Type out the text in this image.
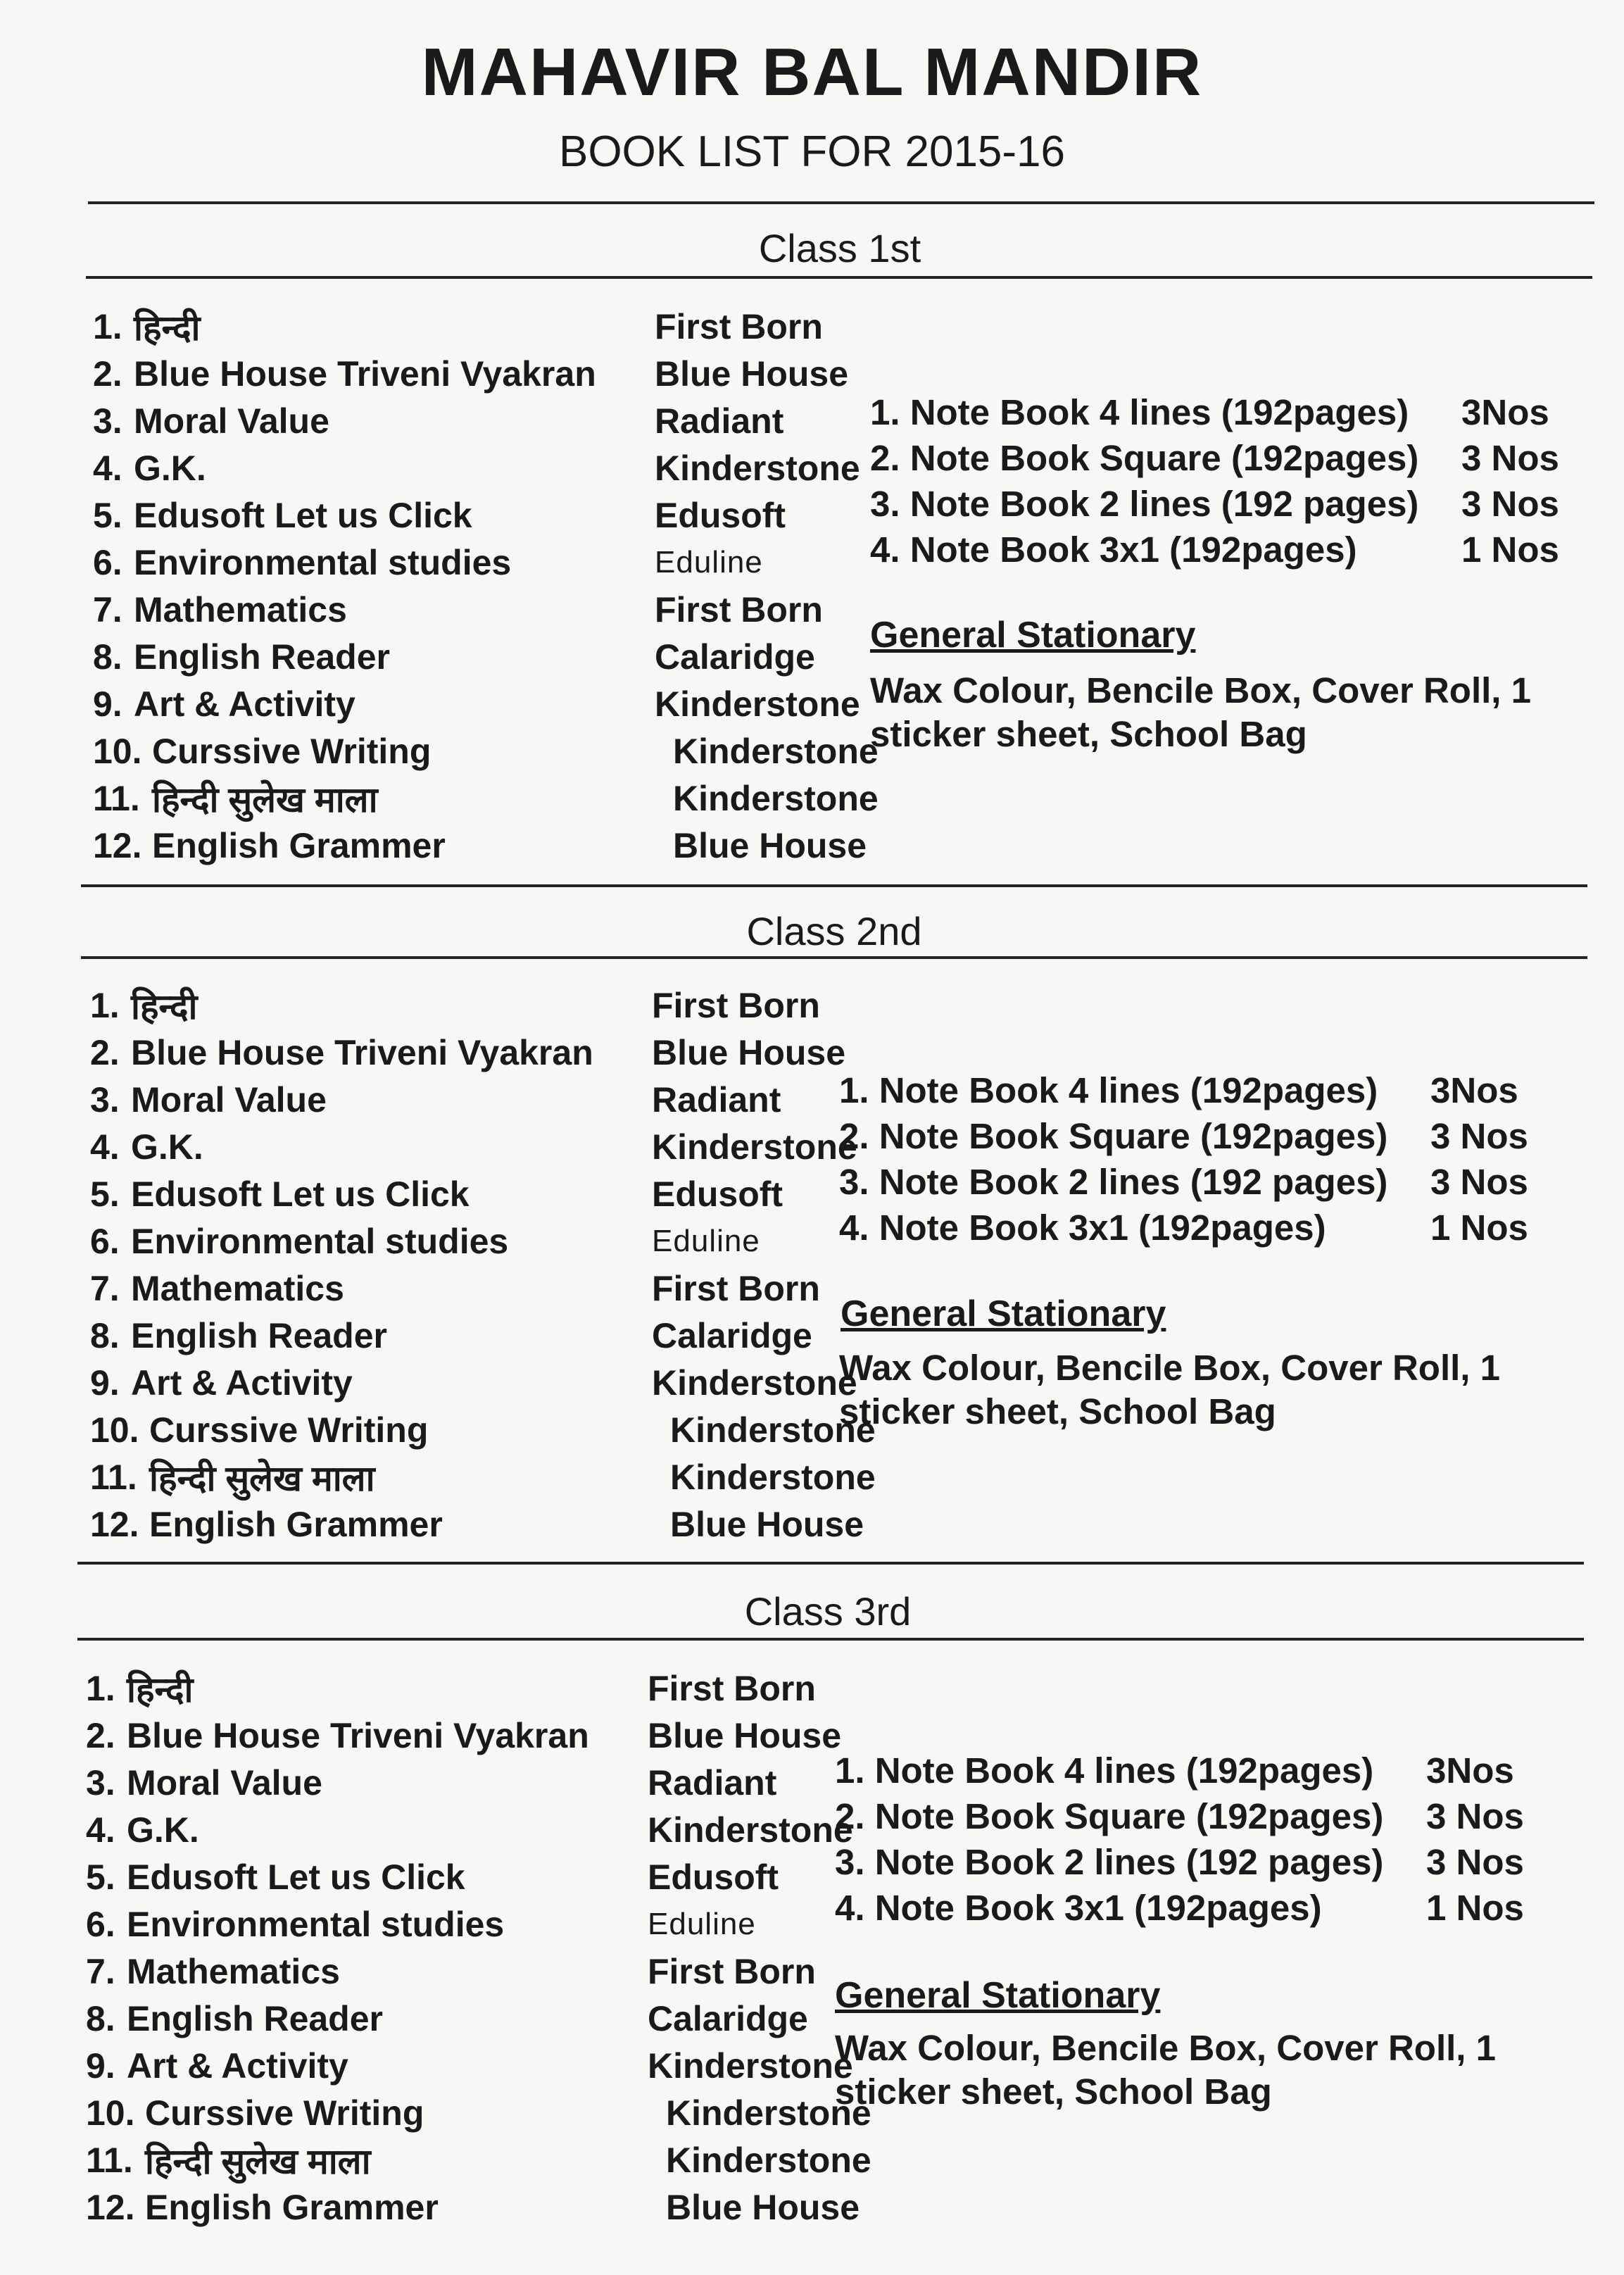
MAHAVIR BAL MANDIR
BOOK LIST FOR 2015-16
Class 1st
1. हिन्दी	First Born
2. Blue House Triveni Vyakran	Blue House
3. Moral Value	Radiant
4. G.K.	Kinderstone
5. Edusoft Let us Click	Edusoft
6. Environmental studies	Eduline
7. Mathematics	First Born
8. English Reader	Calaridge
9. Art & Activity	Kinderstone
10. Curssive Writing	Kinderstone
11. हिन्दी सुलेख माला	Kinderstone
12. English Grammer	Blue House
1. Note Book 4 lines (192pages)	3Nos
2. Note Book Square (192pages)	3 Nos
3. Note Book 2 lines (192 pages)	3 Nos
4. Note Book 3x1 (192pages)	1 Nos
General Stationary
Wax Colour, Bencile Box, Cover Roll, 1 sticker sheet, School Bag
Class 2nd
1. हिन्दी	First Born
2. Blue House Triveni Vyakran	Blue House
3. Moral Value	Radiant
4. G.K.	Kinderstone
5. Edusoft Let us Click	Edusoft
6. Environmental studies	Eduline
7. Mathematics	First Born
8. English Reader	Calaridge
9. Art & Activity	Kinderstone
10. Curssive Writing	Kinderstone
11. हिन्दी सुलेख माला	Kinderstone
12. English Grammer	Blue House
1. Note Book 4 lines (192pages)	3Nos
2. Note Book Square (192pages)	3 Nos
3. Note Book 2 lines (192 pages)	3 Nos
4. Note Book 3x1 (192pages)	1 Nos
General Stationary
Wax Colour, Bencile Box, Cover Roll, 1 sticker sheet, School Bag
Class 3rd
1. हिन्दी	First Born
2. Blue House Triveni Vyakran	Blue House
3. Moral Value	Radiant
4. G.K.	Kinderstone
5. Edusoft Let us Click	Edusoft
6. Environmental studies	Eduline
7. Mathematics	First Born
8. English Reader	Calaridge
9. Art & Activity	Kinderstone
10. Curssive Writing	Kinderstone
11. हिन्दी सुलेख माला	Kinderstone
12. English Grammer	Blue House
1. Note Book 4 lines (192pages)	3Nos
2. Note Book Square (192pages)	3 Nos
3. Note Book 2 lines (192 pages)	3 Nos
4. Note Book 3x1 (192pages)	1 Nos
General Stationary
Wax Colour, Bencile Box, Cover Roll, 1 sticker sheet, School Bag
